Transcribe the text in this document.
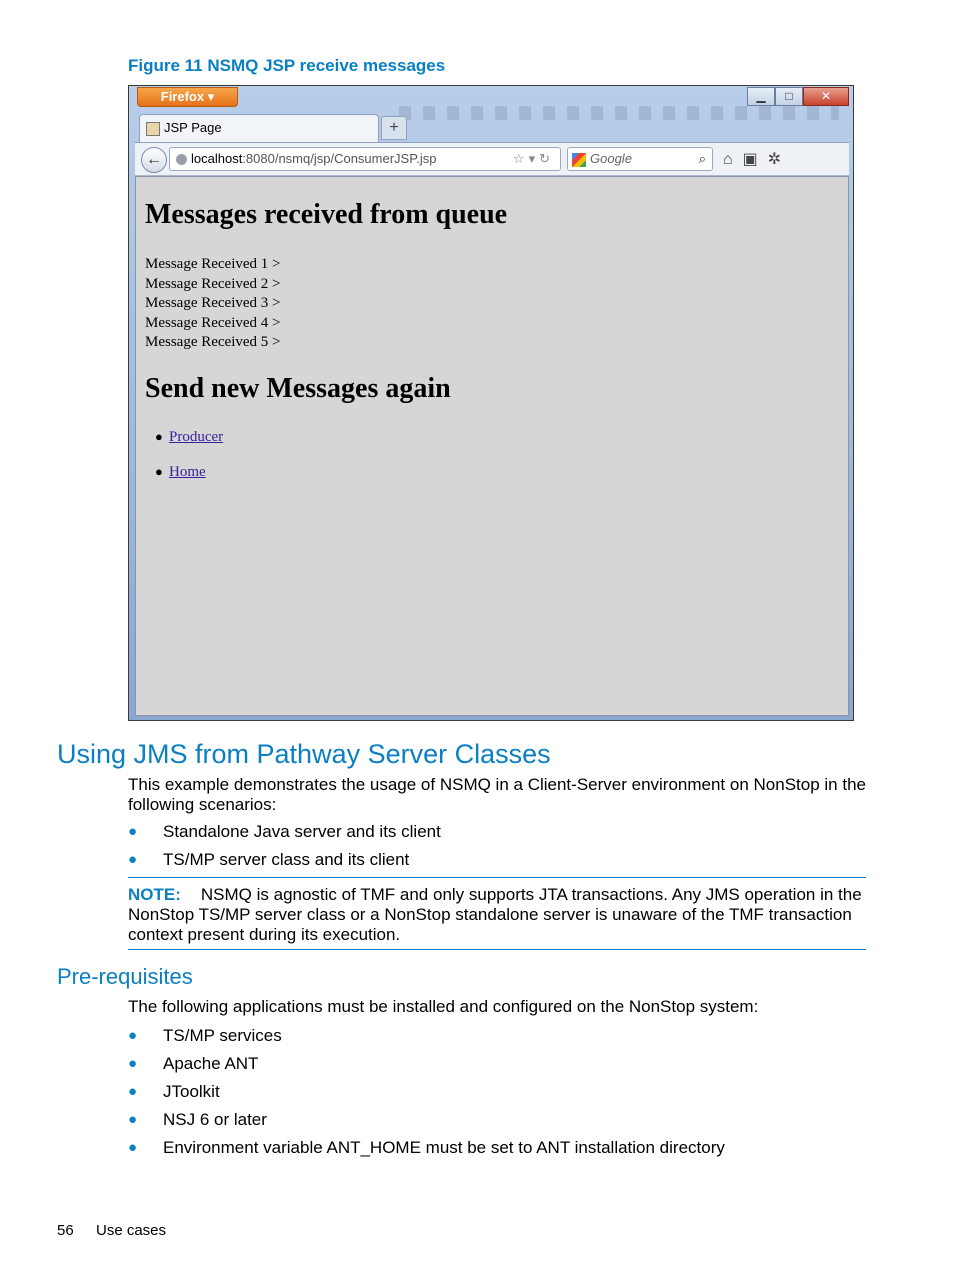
Figure 11 NSMQ JSP receive messages
Firefox ▾	▁	□	✕
JSP Page	+
←	localhost:8080/nsmq/jsp/ConsumerJSP.jsp	☆▾↻	Google	⌕ ⌂▣✲
Messages received from queue
Message Received 1 >
Message Received 2 >
Message Received 3 >
Message Received 4 >
Message Received 5 >
Send new Messages again
● Producer
● Home
Using JMS from Pathway Server Classes
This example demonstrates the usage of NSMQ in a Client-Server environment on NonStop in the following scenarios:
● Standalone Java server and its client
● TS/MP server class and its client
NOTE: NSMQ is agnostic of TMF and only supports JTA transactions. Any JMS operation in the NonStop TS/MP server class or a NonStop standalone server is unaware of the TMF transaction context present during its execution.
Pre-requisites
The following applications must be installed and configured on the NonStop system:
● TS/MP services
● Apache ANT
● JToolkit
● NSJ 6 or later
● Environment variable ANT_HOME must be set to ANT installation directory
56 Use cases
